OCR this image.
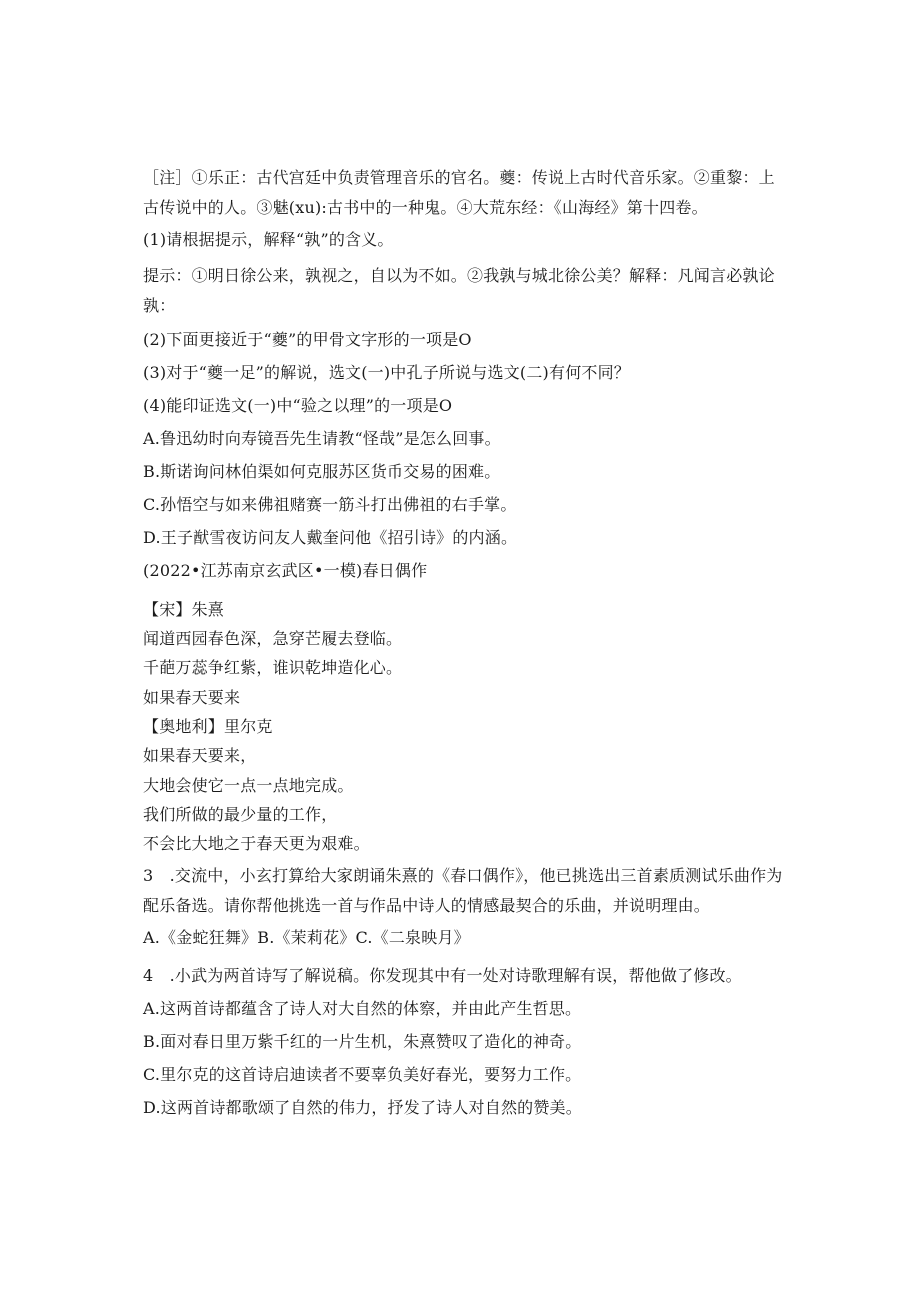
［注］①乐正：古代宫廷中负责管理音乐的官名。夔：传说上古时代音乐家。②重黎：上
古传说中的人。③魅(xu):古书中的一种鬼。④大荒东经：《山海经》第十四卷。
(1)请根据提示，解释“孰”的含义。
提示：①明日徐公来，孰视之，自以为不如。②我孰与城北徐公美？解释：凡闻言必孰论
孰：
(2)下面更接近于“夔”的甲骨文字形的一项是O
(3)对于“夔一足”的解说，选文(一)中孔子所说与选文(二)有何不同？
(4)能印证选文(一)中“验之以理”的一项是O
A.鲁迅幼时向寿镜吾先生请教“怪哉”是怎么回事。
B.斯诺询问林伯渠如何克服苏区货币交易的困难。
C.孙悟空与如来佛祖赌赛一筋斗打出佛祖的右手掌。
D.王子猷雪夜访问友人戴奎问他《招引诗》的内涵。
(2022•江苏南京玄武区•一模)春日偶作
【宋】朱熹
闻道西园春色深，急穿芒履去登临。
千葩万蕊争红紫，谁识乾坤造化心。
如果春天要来
【奥地利】里尔克
如果春天要来，
大地会使它一点一点地完成。
我们所做的最少量的工作，
不会比大地之于春天更为艰难。
3　.交流中，小玄打算给大家朗诵朱熹的《春口偶作》，他已挑选出三首素质测试乐曲作为
配乐备选。请你帮他挑选一首与作品中诗人的情感最契合的乐曲，并说明理由。
A.《金蛇狂舞》B.《茉莉花》C.《二泉映月》
4　.小武为两首诗写了解说稿。你发现其中有一处对诗歌理解有误，帮他做了修改。
A.这两首诗都蕴含了诗人对大自然的体察，并由此产生哲思。
B.面对春日里万紫千红的一片生机，朱熹赞叹了造化的神奇。
C.里尔克的这首诗启迪读者不要辜负美好春光，要努力工作。
D.这两首诗都歌颂了自然的伟力，抒发了诗人对自然的赞美。
